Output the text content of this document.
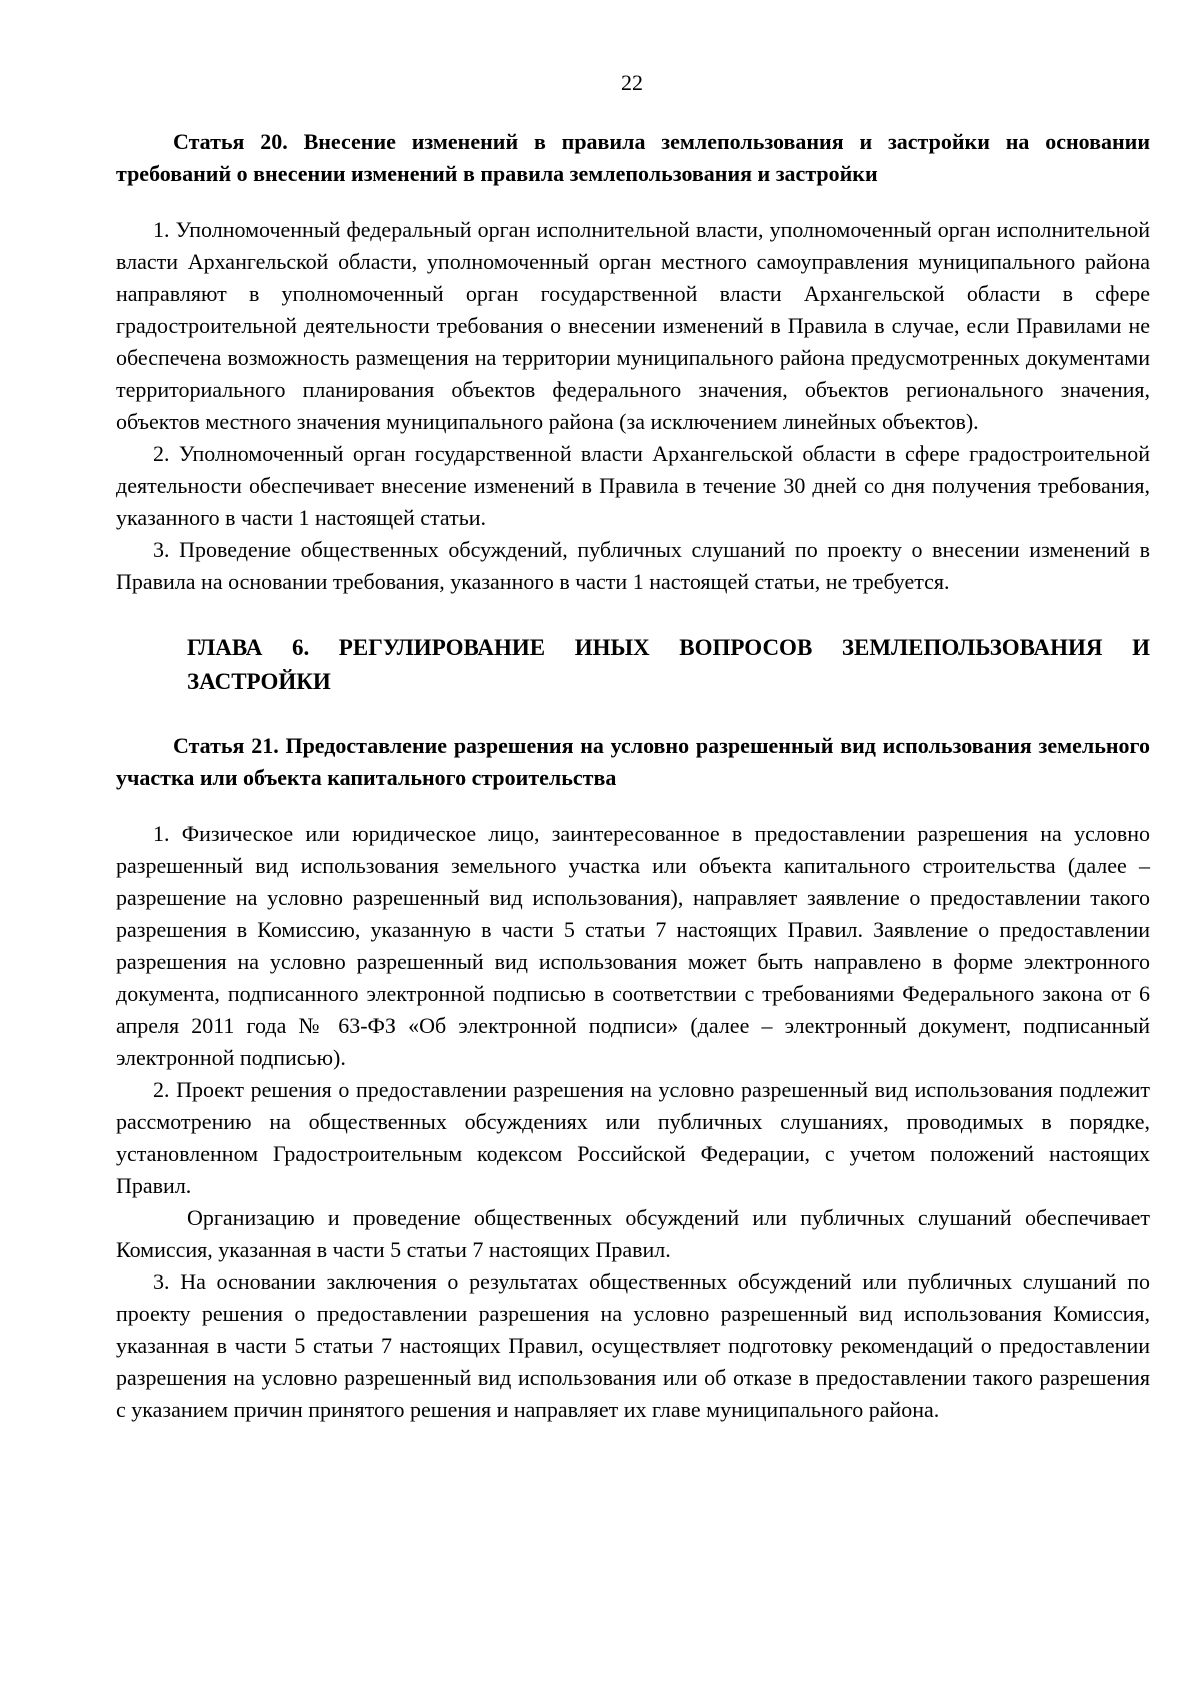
22

Статья 20. Внесение изменений в правила землепользования и застройки на основании требований о внесении изменений в правила землепользования и застройки

1. Уполномоченный федеральный орган исполнительной власти, уполномоченный орган исполнительной власти Архангельской области, уполномоченный орган местного самоуправления муниципального района направляют в уполномоченный орган государственной власти Архангельской области в сфере градостроительной деятельности требования о внесении изменений в Правила в случае, если Правилами не обеспечена возможность размещения на территории муниципального района предусмотренных документами территориального планирования объектов федерального значения, объектов регионального значения, объектов местного значения муниципального района (за исключением линейных объектов).

2. Уполномоченный орган государственной власти Архангельской области в сфере градостроительной деятельности обеспечивает внесение изменений в Правила в течение 30 дней со дня получения требования, указанного в части 1 настоящей статьи.

3. Проведение общественных обсуждений, публичных слушаний по проекту о внесении изменений в Правила на основании требования, указанного в части 1 настоящей статьи, не требуется.

ГЛАВА 6. РЕГУЛИРОВАНИЕ ИНЫХ ВОПРОСОВ ЗЕМЛЕПОЛЬЗОВАНИЯ И ЗАСТРОЙКИ

Статья 21. Предоставление разрешения на условно разрешенный вид использования земельного участка или объекта капитального строительства

1. Физическое или юридическое лицо, заинтересованное в предоставлении разрешения на условно разрешенный вид использования земельного участка или объекта капитального строительства (далее – разрешение на условно разрешенный вид использования), направляет заявление о предоставлении такого разрешения в Комиссию, указанную в части 5 статьи 7 настоящих Правил. Заявление о предоставлении разрешения на условно разрешенный вид использования может быть направлено в форме электронного документа, подписанного электронной подписью в соответствии с требованиями Федерального закона от 6 апреля 2011 года № 63-ФЗ «Об электронной подписи» (далее – электронный документ, подписанный электронной подписью).

2. Проект решения о предоставлении разрешения на условно разрешенный вид использования подлежит рассмотрению на общественных обсуждениях или публичных слушаниях, проводимых в порядке, установленном Градостроительным кодексом Российской Федерации, с учетом положений настоящих Правил.

Организацию и проведение общественных обсуждений или публичных слушаний обеспечивает Комиссия, указанная в части 5 статьи 7 настоящих Правил.

3. На основании заключения о результатах общественных обсуждений или публичных слушаний по проекту решения о предоставлении разрешения на условно разрешенный вид использования Комиссия, указанная в части 5 статьи 7 настоящих Правил, осуществляет подготовку рекомендаций о предоставлении разрешения на условно разрешенный вид использования или об отказе в предоставлении такого разрешения с указанием причин принятого решения и направляет их главе муниципального района.
